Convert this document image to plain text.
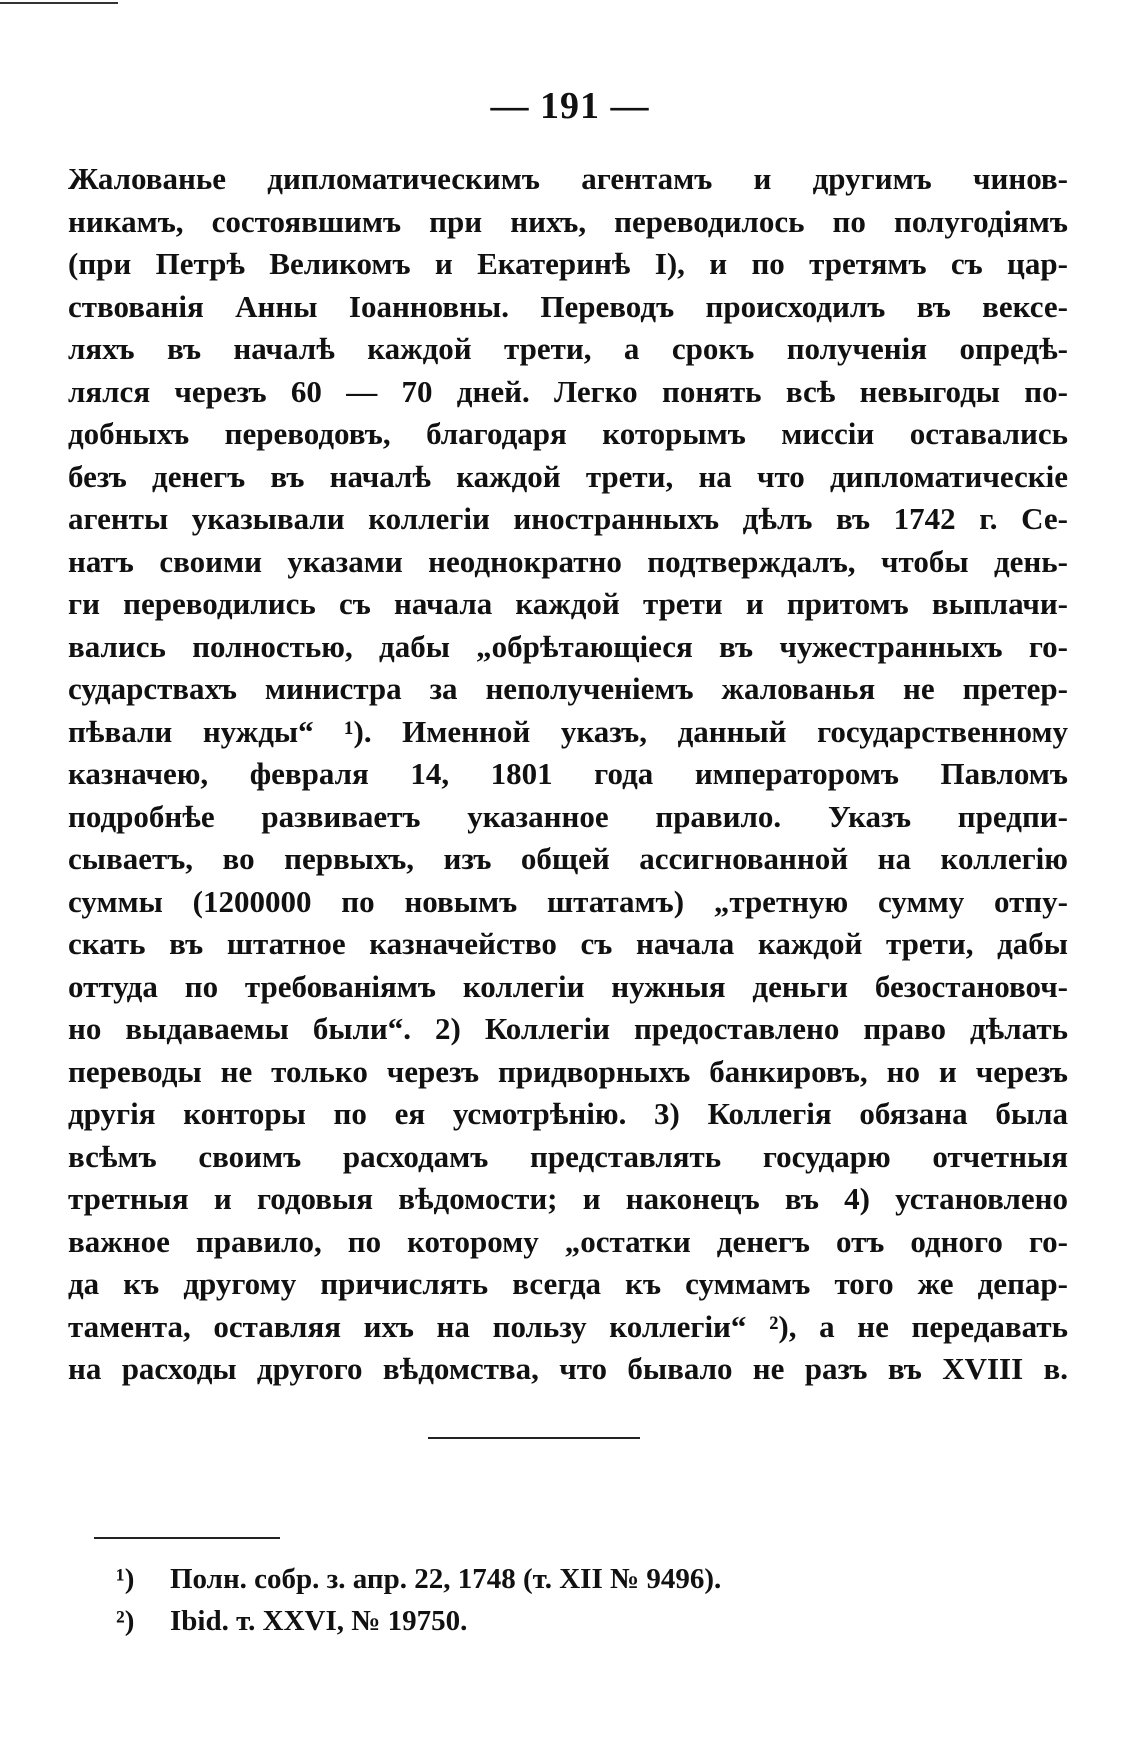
— 191 —
Жалованье дипломатическимъ агентамъ и другимъ чинов-
никамъ, состоявшимъ при нихъ, переводилось по полугодіямъ
(при Петрѣ Великомъ и Екатеринѣ I), и по третямъ съ цар-
ствованія Анны Іоанновны. Переводъ происходилъ въ вексе-
ляхъ въ началѣ каждой трети, а срокъ полученія опредѣ-
лялся черезъ 60 — 70 дней. Легко понять всѣ невыгоды по-
добныхъ переводовъ, благодаря которымъ миссіи оставались
безъ денегъ въ началѣ каждой трети, на что дипломатическіе
агенты указывали коллегіи иностранныхъ дѣлъ въ 1742 г. Се-
натъ своими указами неоднократно подтверждалъ, чтобы день-
ги переводились съ начала каждой трети и притомъ выплачи-
вались полностью, дабы „обрѣтающіеся въ чужестранныхъ го-
сударствахъ министра за неполученіемъ жалованья не претер-
пѣвали нужды“ ¹). Именной указъ, данный государственному
казначею, февраля 14, 1801 года императоромъ Павломъ
подробнѣе развиваетъ указанное правило. Указъ предпи-
сываетъ, во первыхъ, изъ общей ассигнованной на коллегію
суммы (1200000 по новымъ штатамъ) „третную сумму отпу-
скать въ штатное казначейство съ начала каждой трети, дабы
оттуда по требованіямъ коллегіи нужныя деньги безостановоч-
но выдаваемы были“. 2) Коллегіи предоставлено право дѣлать
переводы не только черезъ придворныхъ банкировъ, но и черезъ
другія конторы по ея усмотрѣнію. 3) Коллегія обязана была
всѣмъ своимъ расходамъ представлять государю отчетныя
третныя и годовыя вѣдомости; и наконецъ въ 4) установлено
важное правило, по которому „остатки денегъ отъ одного го-
да къ другому причислять всегда къ суммамъ того же депар-
тамента, оставляя ихъ на пользу коллегіи“ ²), а не передавать
на расходы другого вѣдомства, что бывало не разъ въ XVIII в.
¹) Полн. собр. з. апр. 22, 1748 (т. XII № 9496).
²) Ibid. т. XXVI, № 19750.
